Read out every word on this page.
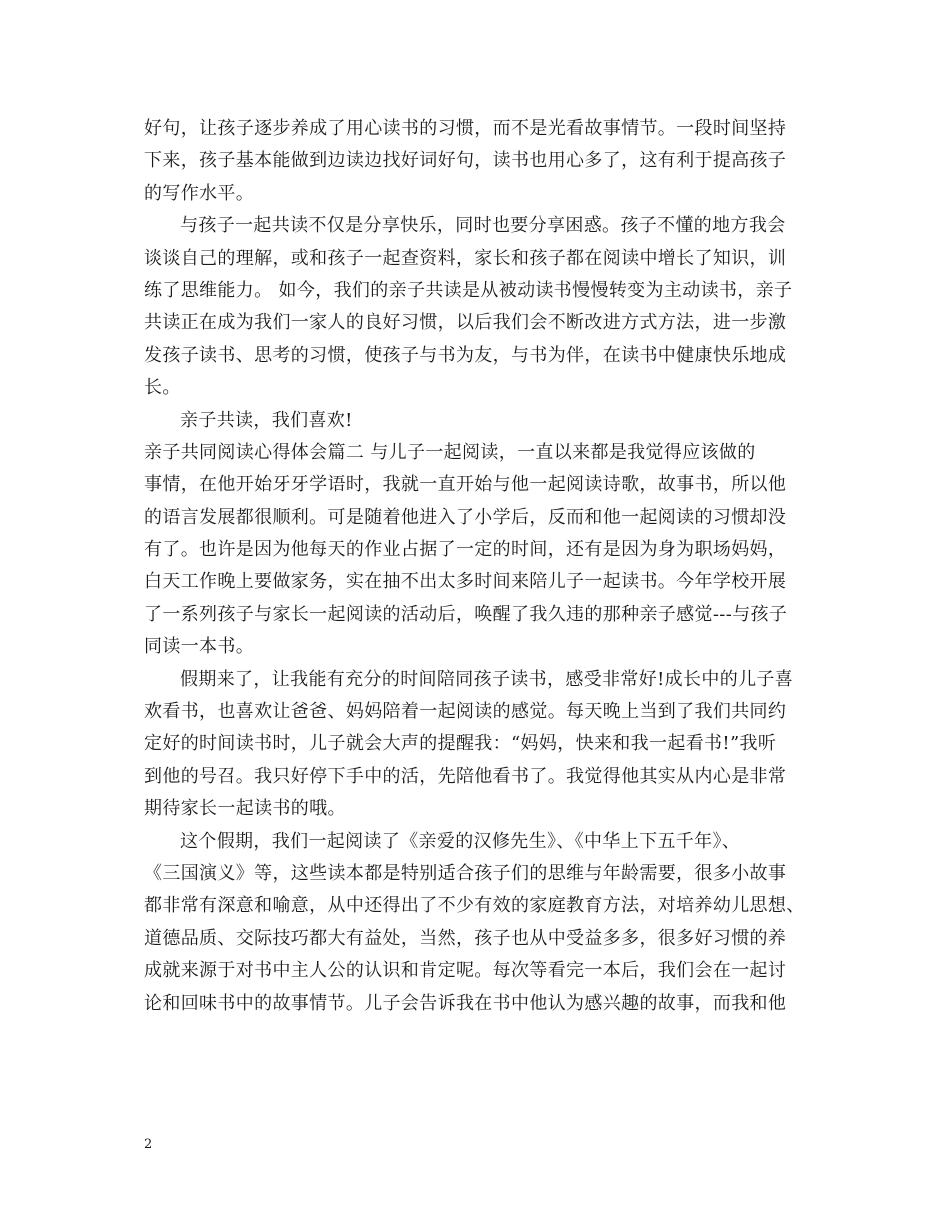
好句，让孩子逐步养成了用心读书的习惯，而不是光看故事情节。一段时间坚持
下来，孩子基本能做到边读边找好词好句，读书也用心多了，这有利于提高孩子
的写作水平。
与孩子一起共读不仅是分享快乐，同时也要分享困惑。孩子不懂的地方我会
谈谈自己的理解，或和孩子一起查资料，家长和孩子都在阅读中增长了知识，训
练了思维能力。 如今，我们的亲子共读是从被动读书慢慢转变为主动读书，亲子
共读正在成为我们一家人的良好习惯，以后我们会不断改进方式方法，进一步激
发孩子读书、思考的习惯，使孩子与书为友，与书为伴，在读书中健康快乐地成
长。
亲子共读，我们喜欢!
亲子共同阅读心得体会篇二 与儿子一起阅读，一直以来都是我觉得应该做的
事情，在他开始牙牙学语时，我就一直开始与他一起阅读诗歌，故事书，所以他
的语言发展都很顺利。可是随着他进入了小学后，反而和他一起阅读的习惯却没
有了。也许是因为他每天的作业占据了一定的时间，还有是因为身为职场妈妈，
白天工作晚上要做家务，实在抽不出太多时间来陪儿子一起读书。今年学校开展
了一系列孩子与家长一起阅读的活动后，唤醒了我久违的那种亲子感觉---与孩子
同读一本书。
假期来了，让我能有充分的时间陪同孩子读书，感受非常好!成长中的儿子喜
欢看书，也喜欢让爸爸、妈妈陪着一起阅读的感觉。每天晚上当到了我们共同约
定好的时间读书时，儿子就会大声的提醒我：“妈妈，快来和我一起看书!”我听
到他的号召。我只好停下手中的活，先陪他看书了。我觉得他其实从内心是非常
期待家长一起读书的哦。
这个假期，我们一起阅读了《亲爱的汉修先生》、《中华上下五千年》、
《三国演义》等，这些读本都是特别适合孩子们的思维与年龄需要，很多小故事
都非常有深意和喻意，从中还得出了不少有效的家庭教育方法，对培养幼儿思想、
道德品质、交际技巧都大有益处，当然，孩子也从中受益多多，很多好习惯的养
成就来源于对书中主人公的认识和肯定呢。每次等看完一本后，我们会在一起讨
论和回味书中的故事情节。儿子会告诉我在书中他认为感兴趣的故事，而我和他
2
